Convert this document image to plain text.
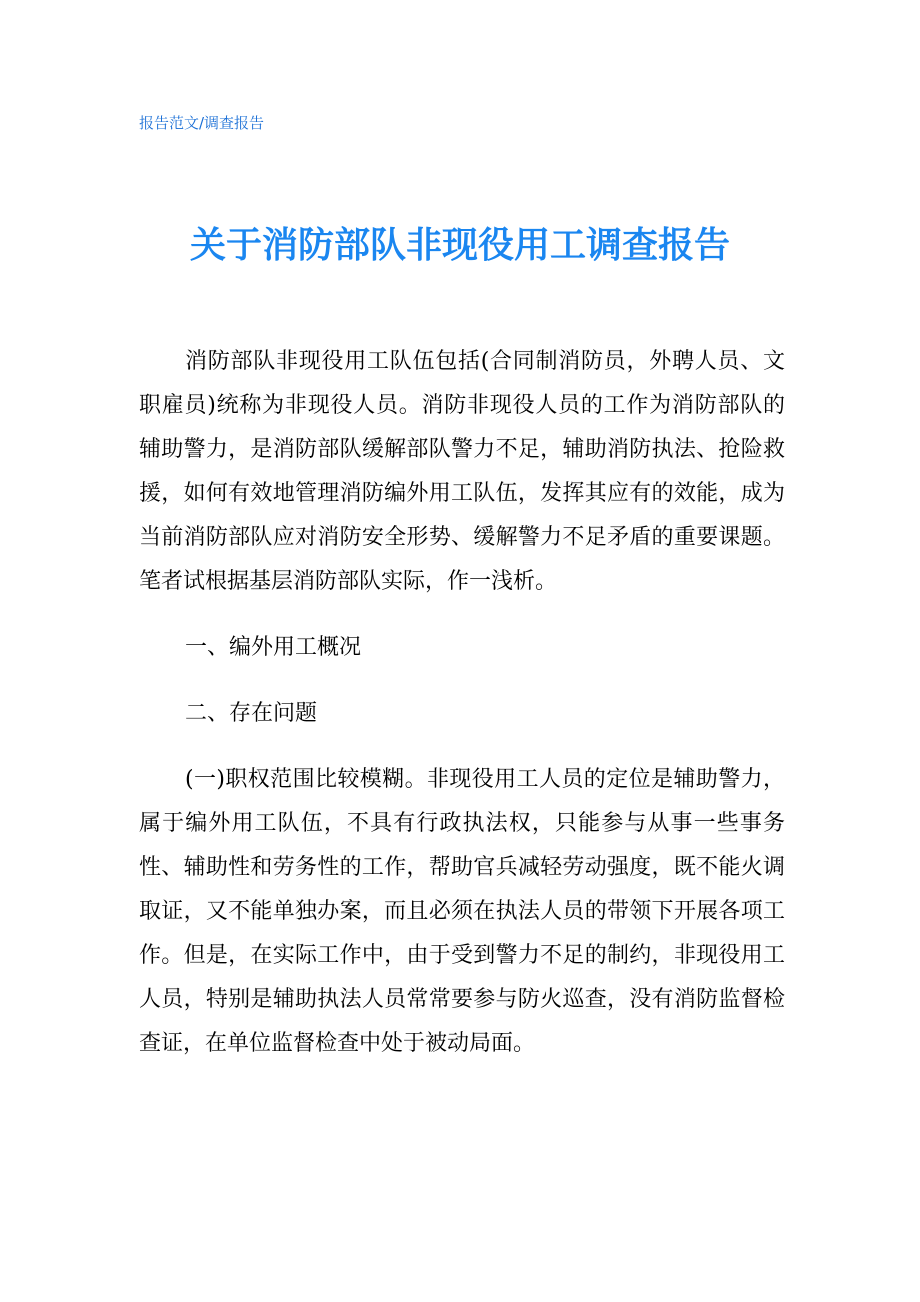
报告范文/调查报告
关于消防部队非现役用工调查报告

消防部队非现役用工队伍包括(合同制消防员，外聘人员、文职雇员)统称为非现役人员。消防非现役人员的工作为消防部队的辅助警力，是消防部队缓解部队警力不足，辅助消防执法、抢险救援，如何有效地管理消防编外用工队伍，发挥其应有的效能，成为当前消防部队应对消防安全形势、缓解警力不足矛盾的重要课题。笔者试根据基层消防部队实际，作一浅析。

一、编外用工概况

二、存在问题

(一)职权范围比较模糊。非现役用工人员的定位是辅助警力，属于编外用工队伍，不具有行政执法权，只能参与从事一些事务性、辅助性和劳务性的工作，帮助官兵减轻劳动强度，既不能火调取证，又不能单独办案，而且必须在执法人员的带领下开展各项工作。但是，在实际工作中，由于受到警力不足的制约，非现役用工人员，特别是辅助执法人员常常要参与防火巡查，没有消防监督检查证，在单位监督检查中处于被动局面。
